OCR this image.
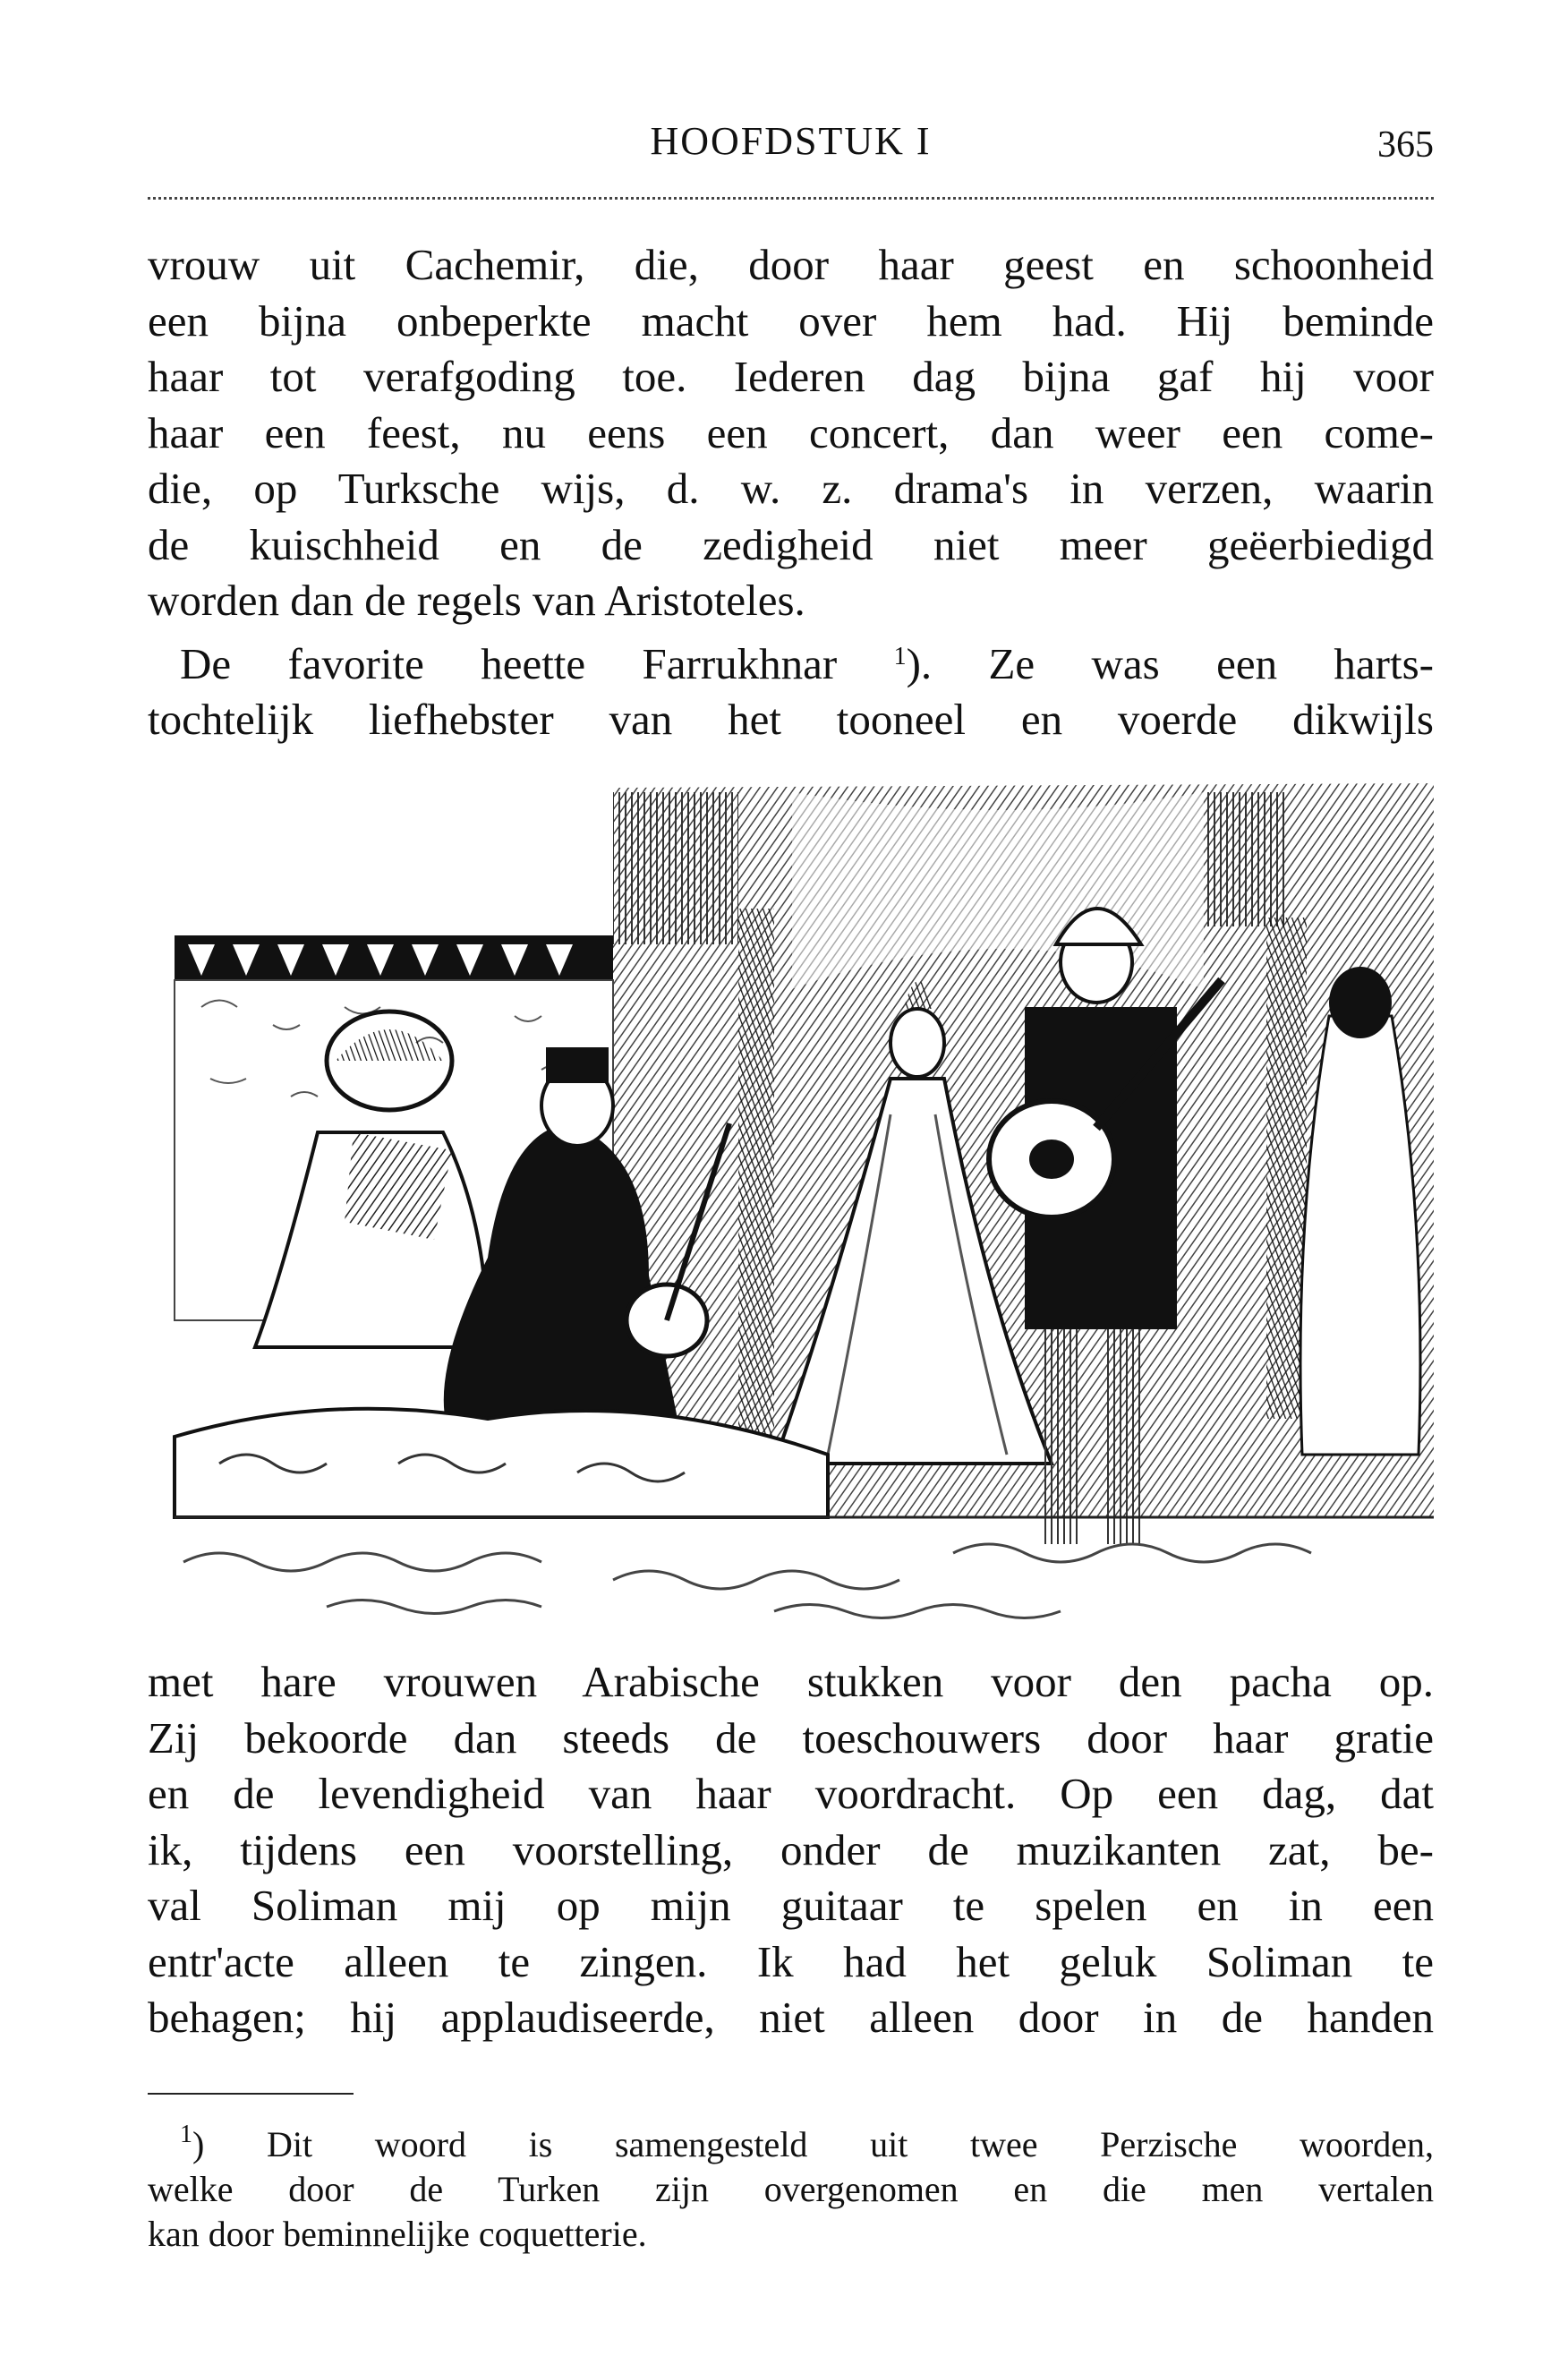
HOOFDSTUK I	365
vrouw uit Cachemir, die, door haar geest en schoonheid
een bijna onbeperkte macht over hem had. Hij beminde
haar tot verafgoding toe. Iederen dag bijna gaf hij voor
haar een feest, nu eens een concert, dan weer een come-
die, op Turksche wijs, d. w. z. drama's in verzen, waarin
de kuischheid en de zedigheid niet meer geëerbiedigd
worden dan de regels van Aristoteles.
De favorite heette Farrukhnar $^1$). Ze was een harts-
tochtelijk liefhebster van het tooneel en voerde dikwijls
met hare vrouwen Arabische stukken voor den pacha op.
Zij bekoorde dan steeds de toeschouwers door haar gratie
en de levendigheid van haar voordracht. Op een dag, dat
ik, tijdens een voorstelling, onder de muzikanten zat, be-
val Soliman mij op mijn guitaar te spelen en in een
entr'acte alleen te zingen. Ik had het geluk Soliman te
behagen; hij applaudiseerde, niet alleen door in de handen
$^1$) Dit woord is samengesteld uit twee Perzische woorden,
welke door de Turken zijn overgenomen en die men vertalen
kan door beminnelijke coquetterie.
